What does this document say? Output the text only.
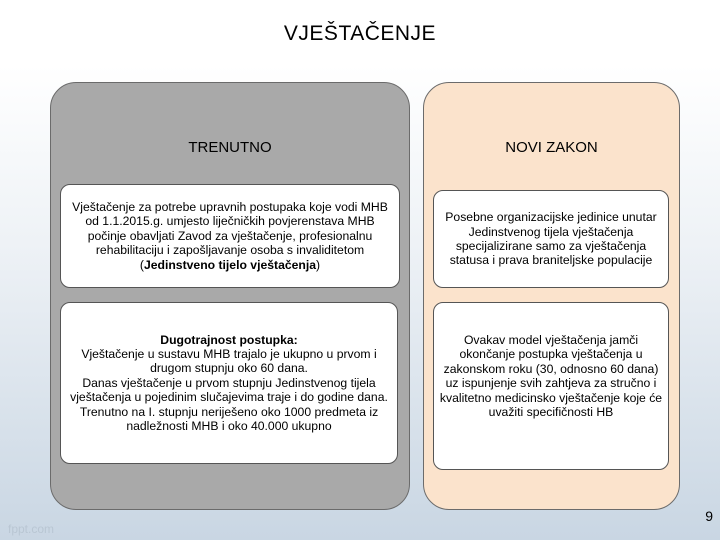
VJEŠTAČENJE
TRENUTNO	NOVI ZAKON

Vještačenje za potrebe upravnih postupaka koje vodi MHB od 1.1.2015.g. umjesto liječničkih povjerenstava MHB počinje obavljati Zavod za vještačenje, profesionalnu rehabilitaciju i zapošljavanje osoba s invaliditetom (Jedinstveno tijelo vještačenja)

Dugotrajnost postupka:

Vještačenje u sustavu MHB trajalo je ukupno u prvom i drugom stupnju oko 60 dana.

Danas vještačenje u prvom stupnju Jedinstvenog tijela vještačenja u pojedinim slučajevima traje i do godine dana.

Trenutno na I. stupnju neriješeno oko 1000 predmeta iz nadležnosti MHB i oko 40.000 ukupno

Posebne organizacijske jedinice unutar Jedinstvenog tijela vještačenja specijalizirane samo za vještačenja statusa i prava braniteljske populacije

Ovakav model vještačenja jamči okončanje postupka vještačenja u zakonskom roku (30, odnosno 60 dana) uz ispunjenje svih zahtjeva za stručno i kvalitetno medicinsko vještačenje koje će uvažiti specifičnosti HB

fppt.com
9
